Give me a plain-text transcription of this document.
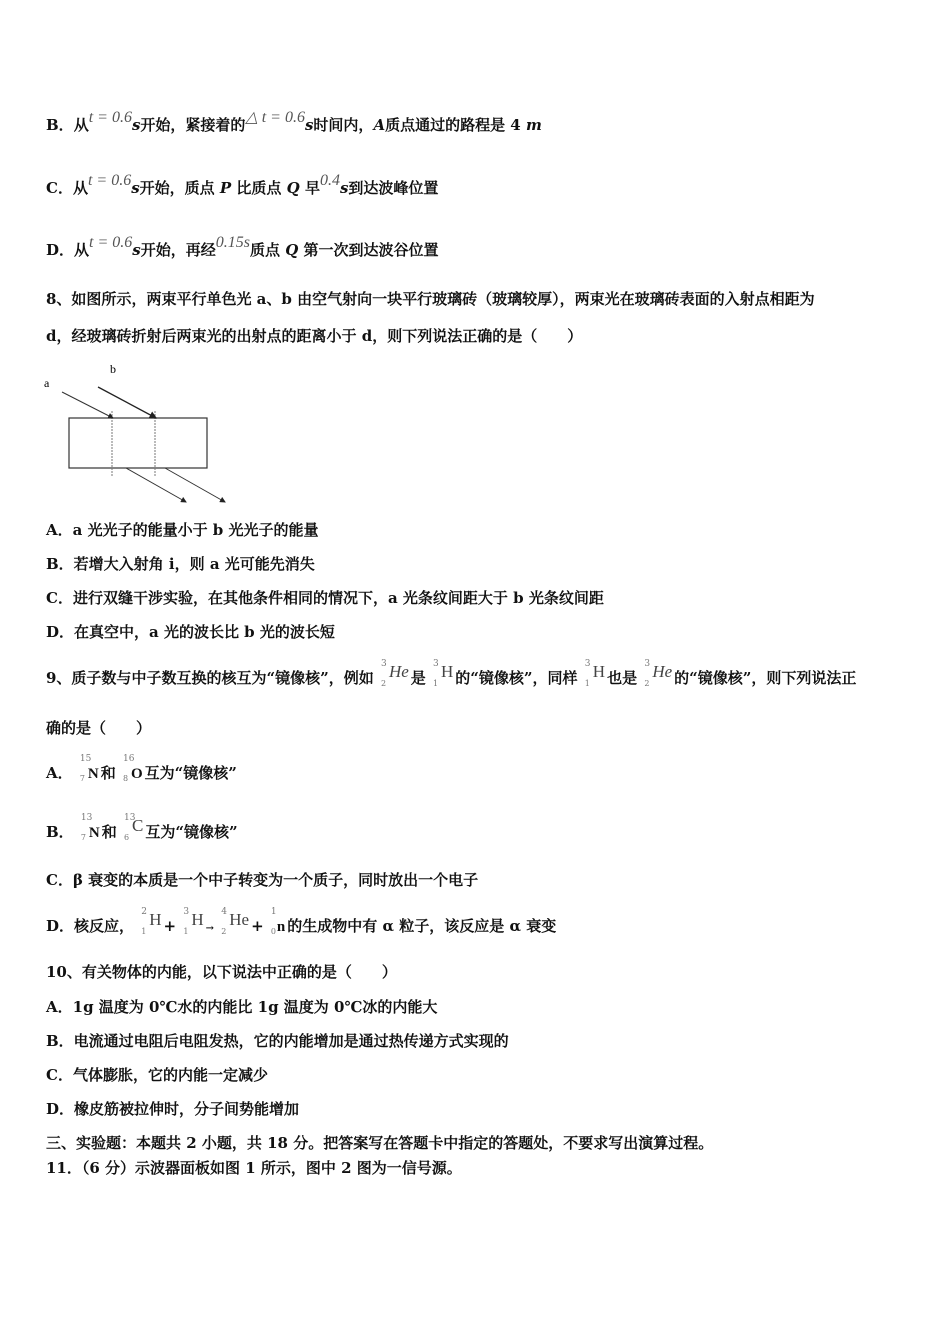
B．从t = 0.6s开始，紧接着的△ t = 0.6s时间内，A质点通过的路程是 4 m
C．从t = 0.6s开始，质点 P 比质点 Q 早0.4s到达波峰位置
D．从t = 0.6s开始，再经0.15s质点 Q 第一次到达波谷位置
8、如图所示，两束平行单色光 a、b 由空气射向一块平行玻璃砖（玻璃较厚），两束光在玻璃砖表面的入射点相距为
d，经玻璃砖折射后两束光的出射点的距离小于 d，则下列说法正确的是（　　）
a
b
A．a 光光子的能量小于 b 光光子的能量
B．若增大入射角 i，则 a 光可能先消失
C．进行双缝干涉实验，在其他条件相同的情况下，a 光条纹间距大于 b 光条纹间距
D．在真空中，a 光的波长比 b 光的波长短
9、质子数与中子数互换的核互为“镜像核”，例如
3
2
He 是
3
1
H 的“镜像核”，同样
3
1
H 也是
3
2
He 的“镜像核”，则下列说法正
确的是（　　）
A．
15
7 N 和
16
8 O 互为“镜像核”
B．
13
7 N 和
13
6
C 互为“镜像核”
C．β 衰变的本质是一个中子转变为一个质子，同时放出一个电子
D．核反应，
2
1
H +
3
1
H →
4
2
He +
1
0 n 的生成物中有 α 粒子，该反应是 α 衰变
10、有关物体的内能，以下说法中正确的是（　　）
A．1g 温度为 0℃水的内能比 1g 温度为 0℃冰的内能大
B．电流通过电阻后电阻发热，它的内能增加是通过热传递方式实现的
C．气体膨胀，它的内能一定减少
D．橡皮筋被拉伸时，分子间势能增加
三、实验题：本题共 2 小题，共 18 分。把答案写在答题卡中指定的答题处，不要求写出演算过程。
11．（6 分）示波器面板如图 1 所示，图中 2 图为一信号源。
